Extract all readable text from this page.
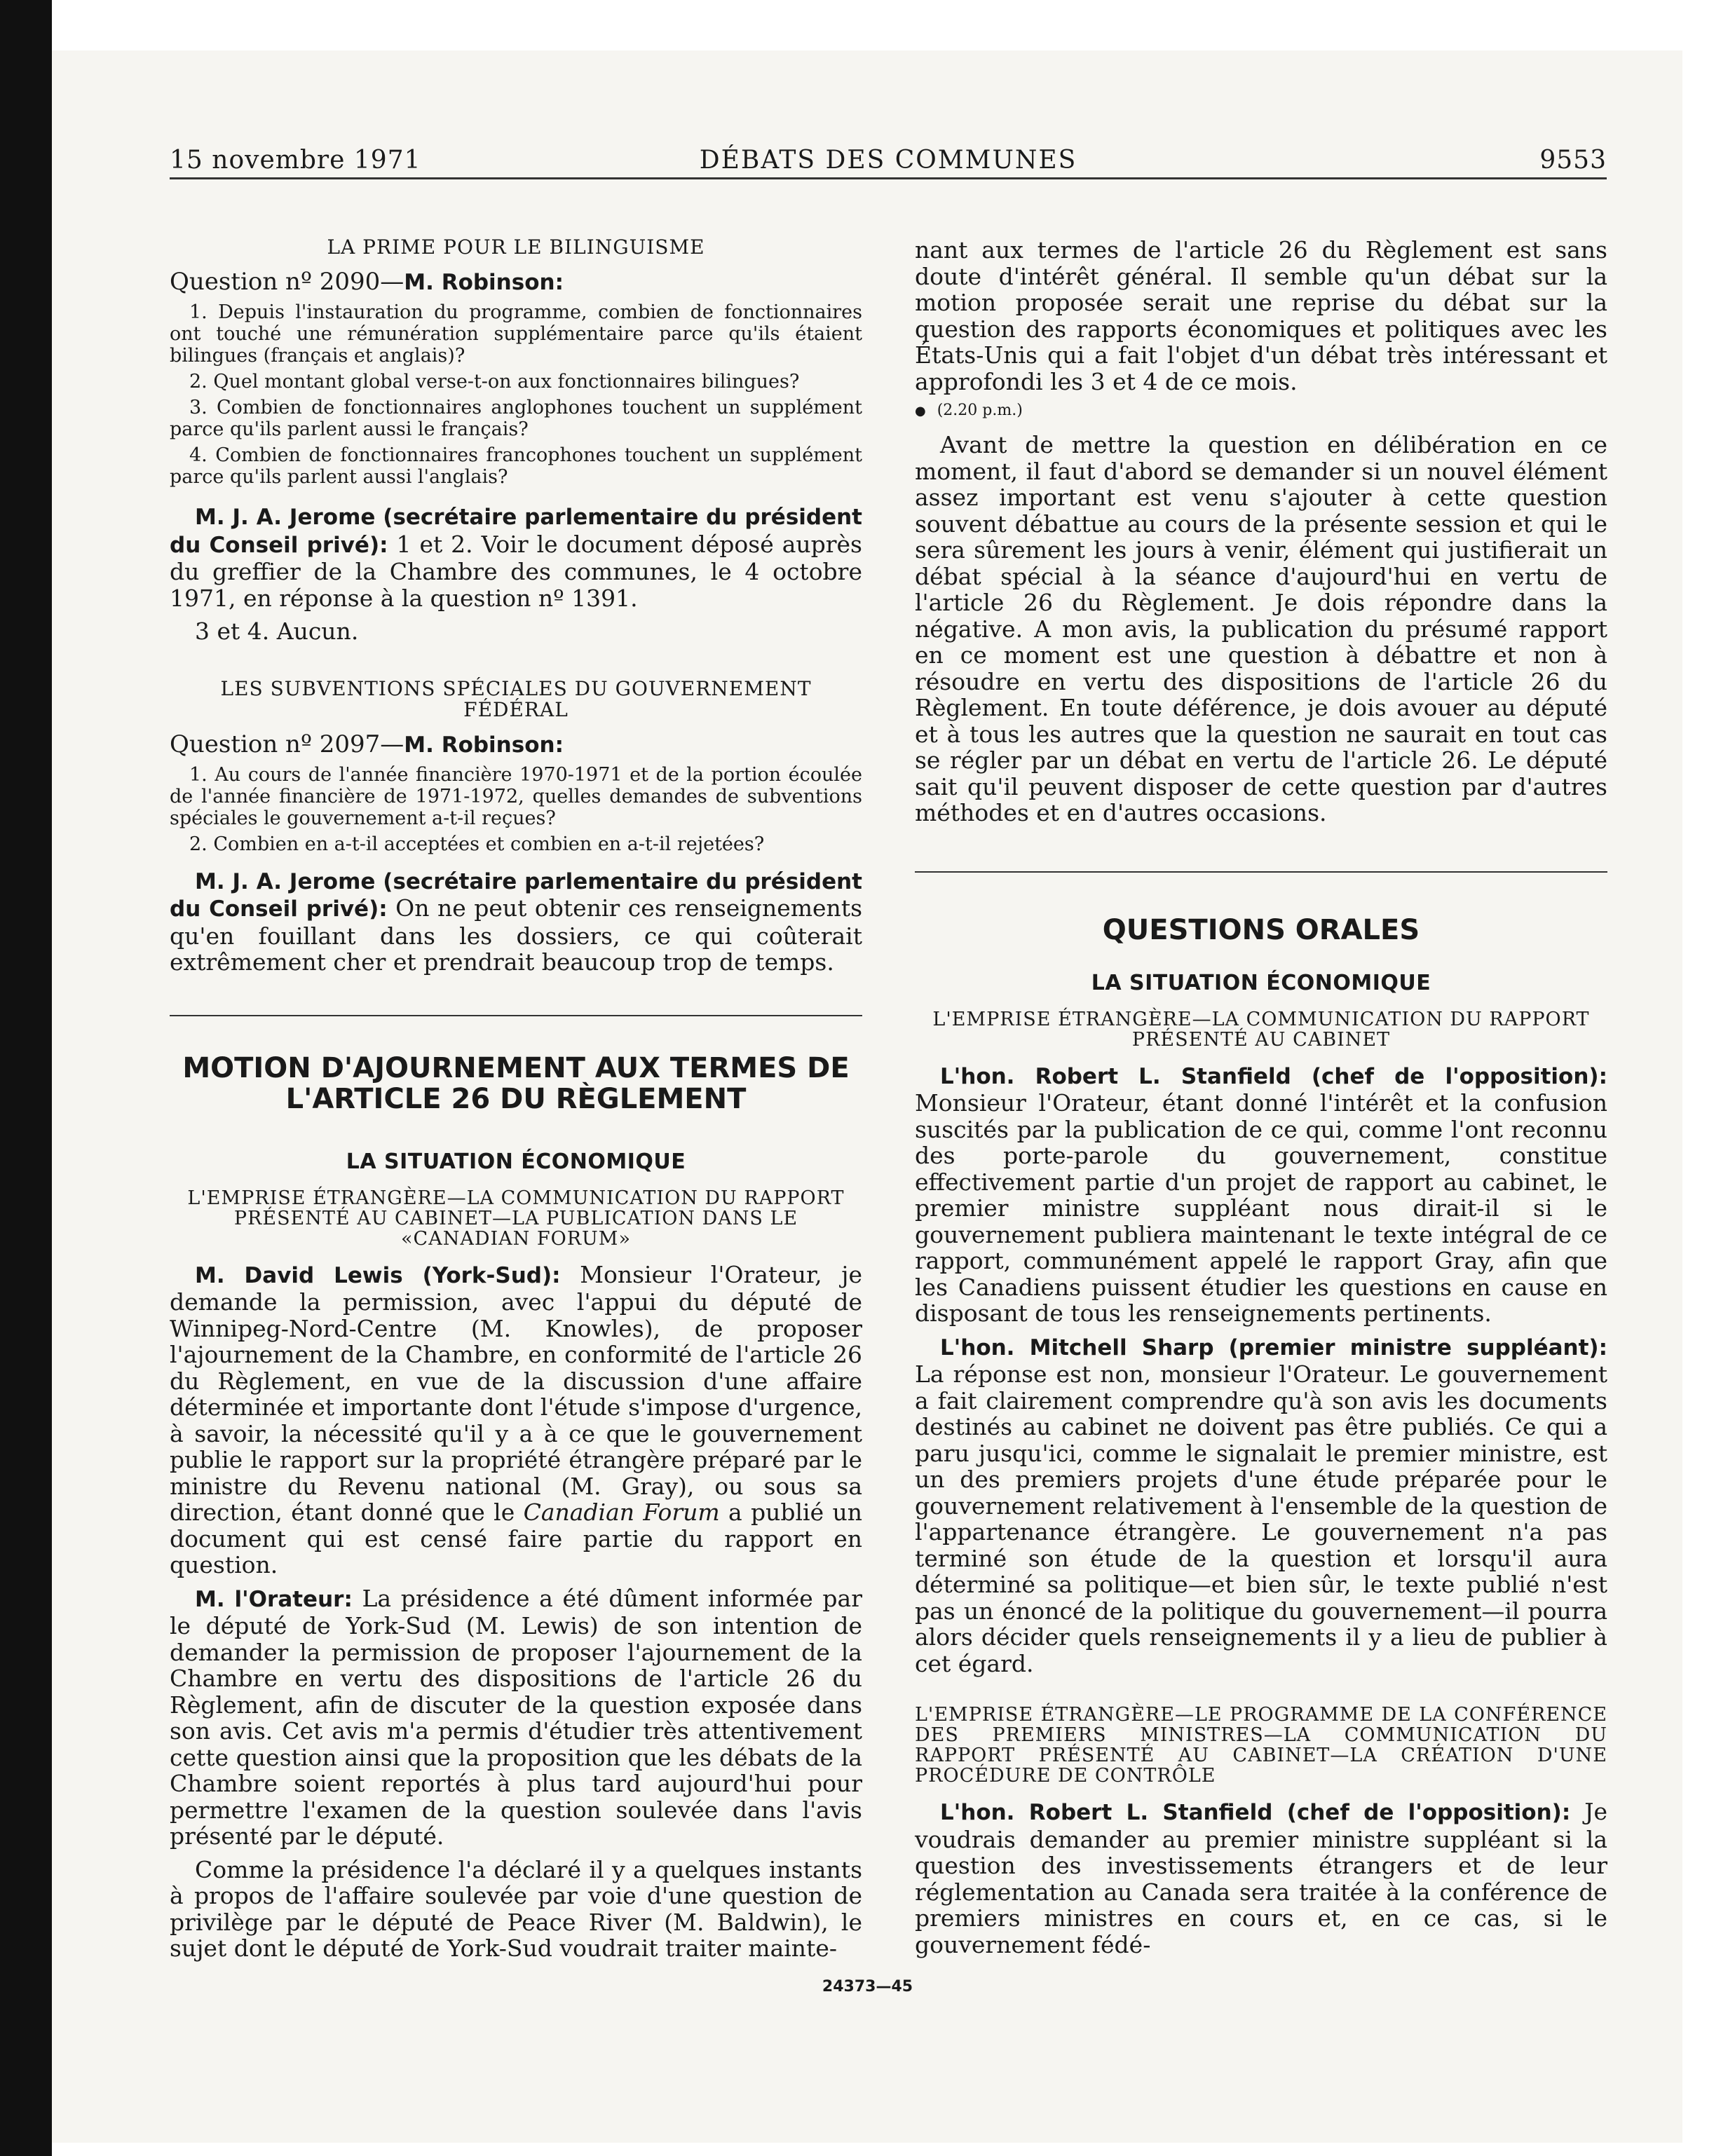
15 novembre 1971	DÉBATS DES COMMUNES	9553
LA PRIME POUR LE BILINGUISME
Question nº 2090—M. Robinson:

1. Depuis l'instauration du programme, combien de fonctionnaires ont touché une rémunération supplémentaire parce qu'ils étaient bilingues (français et anglais)?

2. Quel montant global verse-t-on aux fonctionnaires bilingues?

3. Combien de fonctionnaires anglophones touchent un supplément parce qu'ils parlent aussi le français?

4. Combien de fonctionnaires francophones touchent un supplément parce qu'ils parlent aussi l'anglais?

M. J. A. Jerome (secrétaire parlementaire du président du Conseil privé): 1 et 2. Voir le document déposé auprès du greffier de la Chambre des communes, le 4 octobre 1971, en réponse à la question nº 1391.

3 et 4. Aucun.

LES SUBVENTIONS SPÉCIALES DU GOUVERNEMENT FÉDÉRAL
Question nº 2097—M. Robinson:

1. Au cours de l'année financière 1970-1971 et de la portion écoulée de l'année financière de 1971-1972, quelles demandes de subventions spéciales le gouvernement a-t-il reçues?

2. Combien en a-t-il acceptées et combien en a-t-il rejetées?

M. J. A. Jerome (secrétaire parlementaire du président du Conseil privé): On ne peut obtenir ces renseignements qu'en fouillant dans les dossiers, ce qui coûterait extrêmement cher et prendrait beaucoup trop de temps.

MOTION D'AJOURNEMENT AUX TERMES DE
L'ARTICLE 26 DU RÈGLEMENT
LA SITUATION ÉCONOMIQUE
L'EMPRISE ÉTRANGÈRE—LA COMMUNICATION DU RAPPORT PRÉSENTÉ AU CABINET—LA PUBLICATION DANS LE «CANADIAN FORUM»

M. David Lewis (York-Sud): Monsieur l'Orateur, je demande la permission, avec l'appui du député de Winnipeg-Nord-Centre (M. Knowles), de proposer l'ajournement de la Chambre, en conformité de l'article 26 du Règlement, en vue de la discussion d'une affaire déterminée et importante dont l'étude s'impose d'urgence, à savoir, la nécessité qu'il y a à ce que le gouvernement publie le rapport sur la propriété étrangère préparé par le ministre du Revenu national (M. Gray), ou sous sa direction, étant donné que le Canadian Forum a publié un document qui est censé faire partie du rapport en question.

M. l'Orateur: La présidence a été dûment informée par le député de York-Sud (M. Lewis) de son intention de demander la permission de proposer l'ajournement de la Chambre en vertu des dispositions de l'article 26 du Règlement, afin de discuter de la question exposée dans son avis. Cet avis m'a permis d'étudier très attentivement cette question ainsi que la proposition que les débats de la Chambre soient reportés à plus tard aujourd'hui pour permettre l'examen de la question soulevée dans l'avis présenté par le député.

Comme la présidence l'a déclaré il y a quelques instants à propos de l'affaire soulevée par voie d'une question de privilège par le député de Peace River (M. Baldwin), le sujet dont le député de York-Sud voudrait traiter mainte-

nant aux termes de l'article 26 du Règlement est sans doute d'intérêt général. Il semble qu'un débat sur la motion proposée serait une reprise du débat sur la question des rapports économiques et politiques avec les États-Unis qui a fait l'objet d'un débat très intéressant et approfondi les 3 et 4 de ce mois.

● (2.20 p.m.)

Avant de mettre la question en délibération en ce moment, il faut d'abord se demander si un nouvel élément assez important est venu s'ajouter à cette question souvent débattue au cours de la présente session et qui le sera sûrement les jours à venir, élément qui justifierait un débat spécial à la séance d'aujourd'hui en vertu de l'article 26 du Règlement. Je dois répondre dans la négative. A mon avis, la publication du présumé rapport en ce moment est une question à débattre et non à résoudre en vertu des dispositions de l'article 26 du Règlement. En toute déférence, je dois avouer au député et à tous les autres que la question ne saurait en tout cas se régler par un débat en vertu de l'article 26. Le député sait qu'il peuvent disposer de cette question par d'autres méthodes et en d'autres occasions.

QUESTIONS ORALES
LA SITUATION ÉCONOMIQUE
L'EMPRISE ÉTRANGÈRE—LA COMMUNICATION DU RAPPORT PRÉSENTÉ AU CABINET

L'hon. Robert L. Stanfield (chef de l'opposition): Monsieur l'Orateur, étant donné l'intérêt et la confusion suscités par la publication de ce qui, comme l'ont reconnu des porte-parole du gouvernement, constitue effectivement partie d'un projet de rapport au cabinet, le premier ministre suppléant nous dirait-il si le gouvernement publiera maintenant le texte intégral de ce rapport, communément appelé le rapport Gray, afin que les Canadiens puissent étudier les questions en cause en disposant de tous les renseignements pertinents.

L'hon. Mitchell Sharp (premier ministre suppléant): La réponse est non, monsieur l'Orateur. Le gouvernement a fait clairement comprendre qu'à son avis les documents destinés au cabinet ne doivent pas être publiés. Ce qui a paru jusqu'ici, comme le signalait le premier ministre, est un des premiers projets d'une étude préparée pour le gouvernement relativement à l'ensemble de la question de l'appartenance étrangère. Le gouvernement n'a pas terminé son étude de la question et lorsqu'il aura déterminé sa politique—et bien sûr, le texte publié n'est pas un énoncé de la politique du gouvernement—il pourra alors décider quels renseignements il y a lieu de publier à cet égard.

L'EMPRISE ÉTRANGÈRE—LE PROGRAMME DE LA CONFÉRENCE DES PREMIERS MINISTRES—LA COMMUNICATION DU RAPPORT PRÉSENTÉ AU CABINET—LA CRÉATION D'UNE PROCÉDURE DE CONTRÔLE

L'hon. Robert L. Stanfield (chef de l'opposition): Je voudrais demander au premier ministre suppléant si la question des investissements étrangers et de leur réglementation au Canada sera traitée à la conférence de premiers ministres en cours et, en ce cas, si le gouvernement fédé-

24373—45
